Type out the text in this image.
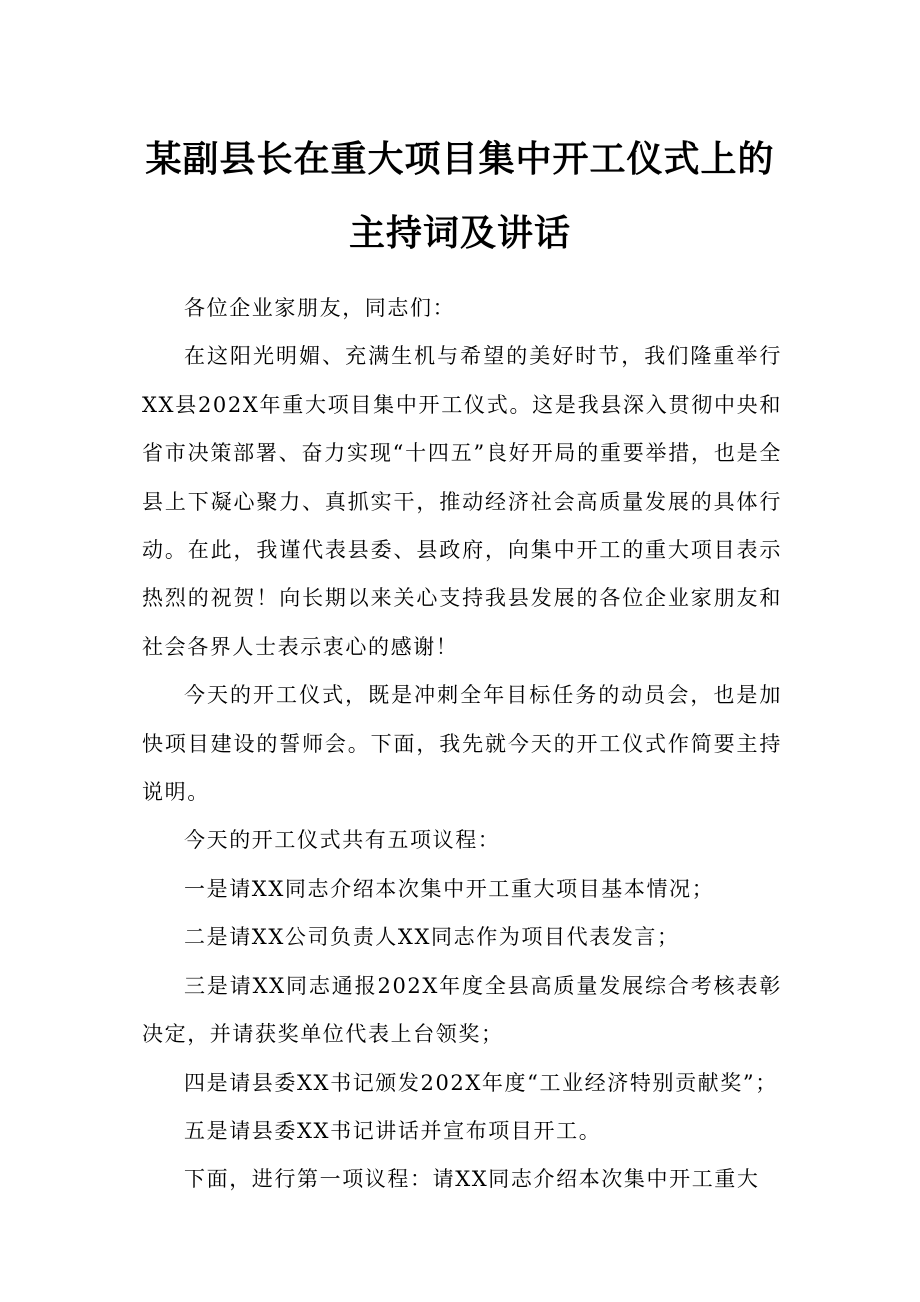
某副县长在重大项目集中开工仪式上的
主持词及讲话

各位企业家朋友，同志们：

在这阳光明媚、充满生机与希望的美好时节，我们隆重举行XX县202X年重大项目集中开工仪式。这是我县深入贯彻中央和省市决策部署、奋力实现“十四五”良好开局的重要举措，也是全县上下凝心聚力、真抓实干，推动经济社会高质量发展的具体行动。在此，我谨代表县委、县政府，向集中开工的重大项目表示热烈的祝贺！向长期以来关心支持我县发展的各位企业家朋友和社会各界人士表示衷心的感谢！

今天的开工仪式，既是冲刺全年目标任务的动员会，也是加快项目建设的誓师会。下面，我先就今天的开工仪式作简要主持说明。

今天的开工仪式共有五项议程：

一是请XX同志介绍本次集中开工重大项目基本情况；

二是请XX公司负责人XX同志作为项目代表发言；

三是请XX同志通报202X年度全县高质量发展综合考核表彰决定，并请获奖单位代表上台领奖；

四是请县委XX书记颁发202X年度“工业经济特别贡献奖”；

五是请县委XX书记讲话并宣布项目开工。

下面，进行第一项议程：请XX同志介绍本次集中开工重大
